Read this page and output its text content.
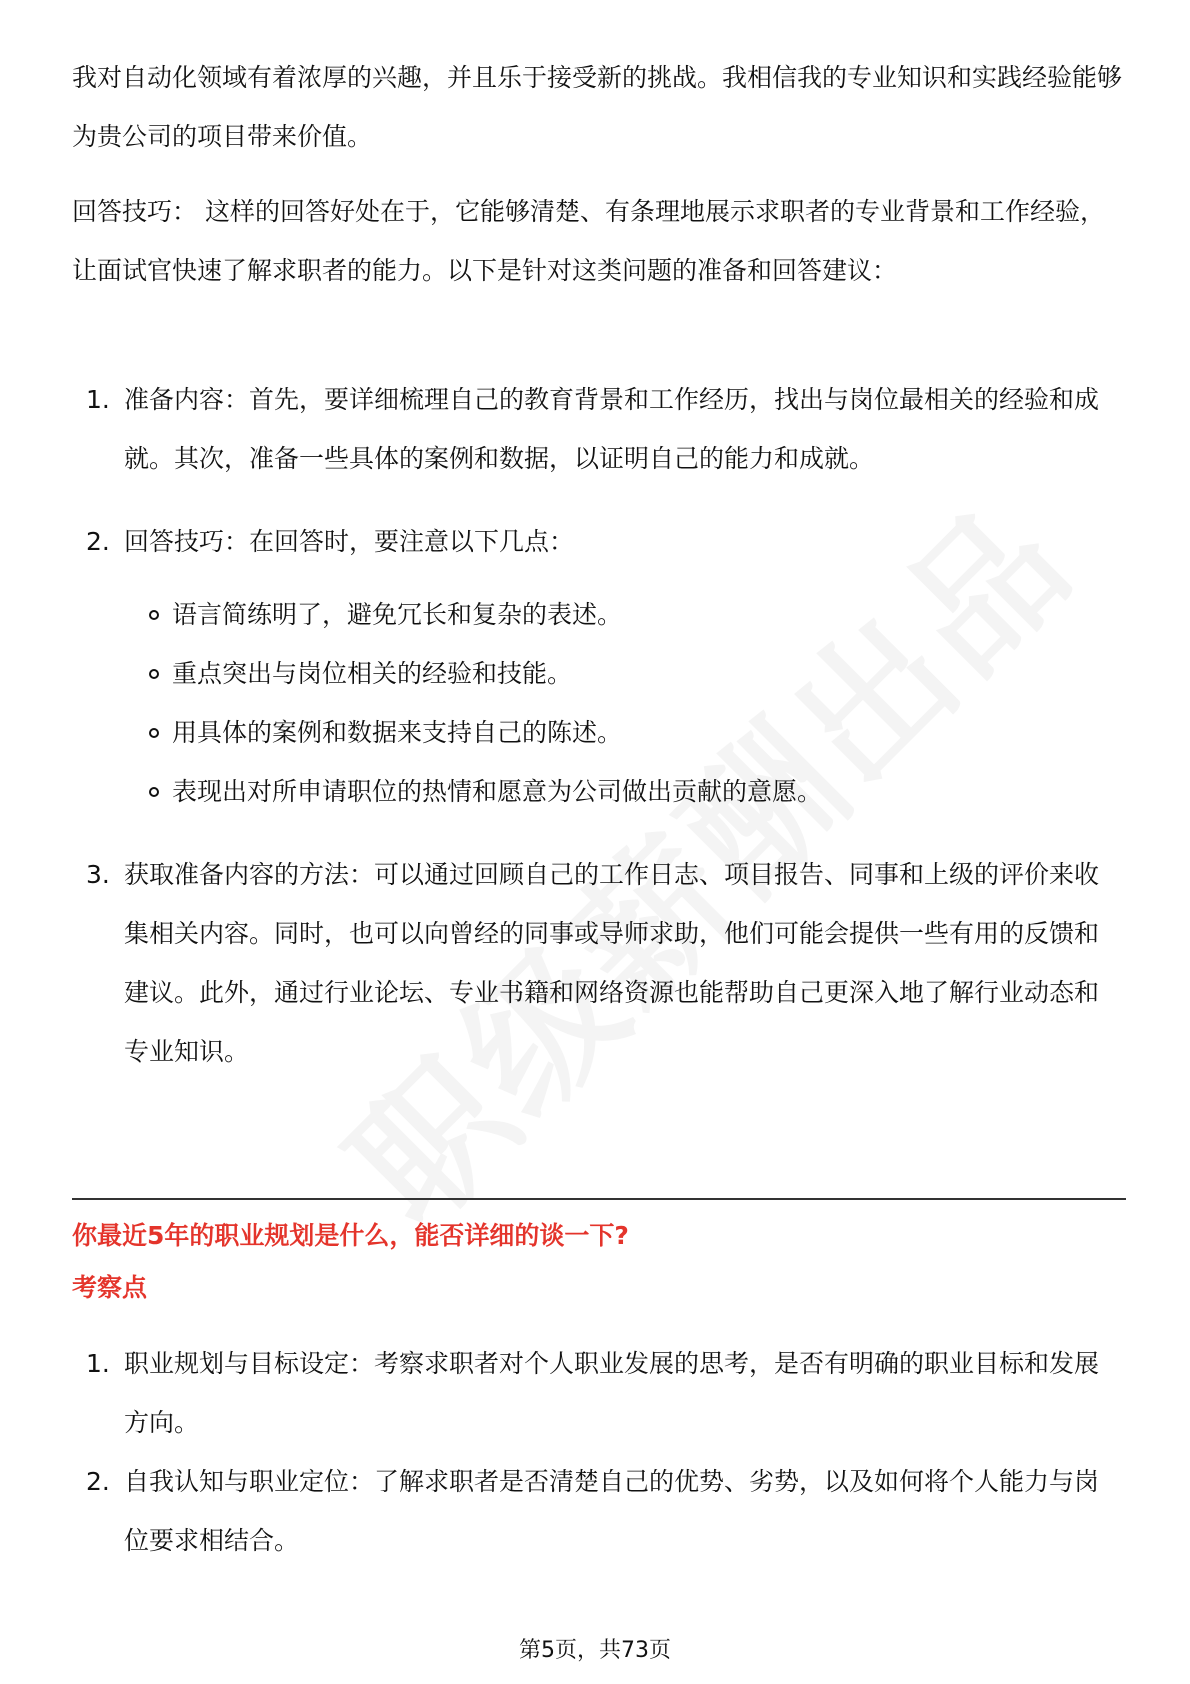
我对自动化领域有着浓厚的兴趣，并且乐于接受新的挑战。我相信我的专业知识和实践经验能够为贵公司的项目带来价值。

回答技巧： 这样的回答好处在于，它能够清楚、有条理地展示求职者的专业背景和工作经验，让面试官快速了解求职者的能力。以下是针对这类问题的准备和回答建议：

1. 准备内容：首先，要详细梳理自己的教育背景和工作经历，找出与岗位最相关的经验和成就。其次，准备一些具体的案例和数据，以证明自己的能力和成就。
2. 回答技巧：在回答时，要注意以下几点：
语言简练明了，避免冗长和复杂的表述。
重点突出与岗位相关的经验和技能。
用具体的案例和数据来支持自己的陈述。
表现出对所申请职位的热情和愿意为公司做出贡献的意愿。
3. 获取准备内容的方法：可以通过回顾自己的工作日志、项目报告、同事和上级的评价来收集相关内容。同时，也可以向曾经的同事或导师求助，他们可能会提供一些有用的反馈和建议。此外，通过行业论坛、专业书籍和网络资源也能帮助自己更深入地了解行业动态和专业知识。
你最近5年的职业规划是什么，能否详细的谈一下?
考察点
1. 职业规划与目标设定：考察求职者对个人职业发展的思考，是否有明确的职业目标和发展方向。
2. 自我认知与职业定位：了解求职者是否清楚自己的优势、劣势，以及如何将个人能力与岗位要求相结合。
第5页，共73页
